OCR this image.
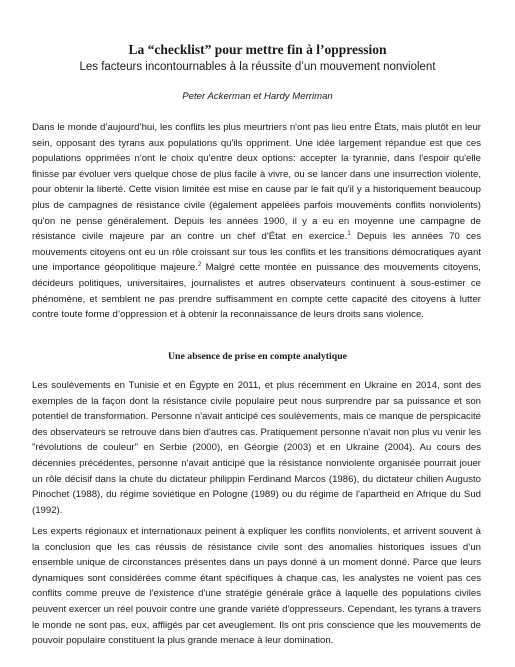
La “checklist” pour mettre fin à l’oppression
Les facteurs incontournables à la réussite d’un mouvement nonviolent
Peter Ackerman et Hardy Merriman

Dans le monde d’aujourd’hui, les conflits les plus meurtriers n'ont pas lieu entre États, mais plutôt en leur sein, opposant des tyrans aux populations qu'ils oppriment. Une idée largement répandue est que ces populations opprimées n'ont le choix qu’entre deux options: accepter la tyrannie, dans l'espoir qu'elle finisse par évoluer vers quelque chose de plus facile à vivre, ou se lancer dans une insurrection violente, pour obtenir la liberté. Cette vision limitée est mise en cause par le fait qu'il y a historiquement beaucoup plus de campagnes de résistance civile (également appelées parfois mouvements conflits nonviolents) qu'on ne pense généralement. Depuis les années 1900, il y a eu en moyenne une campagne de résistance civile majeure par an contre un chef d'État en exercice.$^1$ Depuis les années 70 ces mouvements citoyens ont eu un rôle croissant sur tous les conflits et les transitions démocratiques ayant une importance géopolitique majeure.$^2$ Malgré cette montée en puissance des mouvements citoyens, décideurs politiques, universitaires, journalistes et autres observateurs continuent à sous-estimer ce phénomène, et semblent ne pas prendre suffisamment en compte cette capacité des citoyens à lutter contre toute forme d’oppression et à obtenir la reconnaissance de leurs droits sans violence.

Une absence de prise en compte analytique

Les soulèvements en Tunisie et en Égypte en 2011, et plus récemment en Ukraine en 2014, sont des exemples de la façon dont la résistance civile populaire peut nous surprendre par sa puissance et son potentiel de transformation. Personne n'avait anticipé ces soulèvements, mais ce manque de perspicacité des observateurs se retrouve dans bien d'autres cas. Pratiquement personne n'avait non plus vu venir les "révolutions de couleur" en Serbie (2000), en Géorgie (2003) et en Ukraine (2004). Au cours des décennies précédentes, personne n'avait anticipé que la résistance nonviolente organisée pourrait jouer un rôle décisif dans la chute du dictateur philippin Ferdinand Marcos (1986), du dictateur chilien Augusto Pinochet (1988), du régime soviétique en Pologne (1989) ou du régime de l'apartheid en Afrique du Sud (1992).

Les experts régionaux et internationaux peinent à expliquer les conflits nonviolents, et arrivent souvent à la conclusion que les cas réussis de résistance civile sont des anomalies historiques issues d’un ensemble unique de circonstances présentes dans un pays donné à un moment donné. Parce que leurs dynamiques sont considérées comme étant spécifiques à chaque cas, les analystes ne voient pas ces conflits comme preuve de l'existence d'une stratégie générale grâce à laquelle des populations civiles peuvent exercer un réel pouvoir contre une grande variété d'oppresseurs. Cependant, les tyrans à travers le monde ne sont pas, eux, affligés par cet aveuglement. Ils ont pris conscience que les mouvements de pouvoir populaire constituent la plus grande menace à leur domination.
